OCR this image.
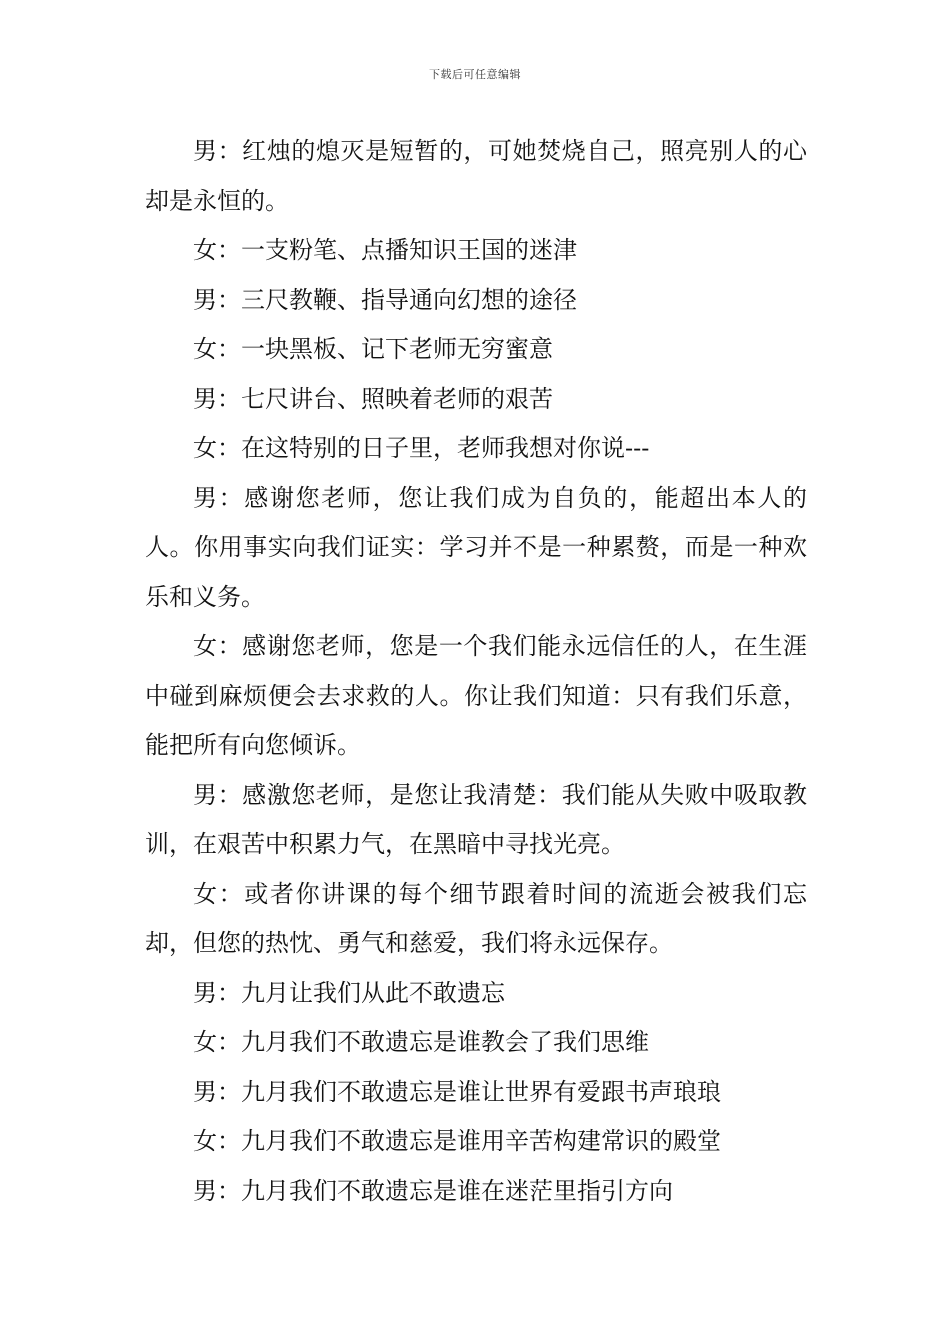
下载后可任意编辑

男：红烛的熄灭是短暂的，可她焚烧自己，照亮别人的心却是永恒的。

女：一支粉笔、点播知识王国的迷津

男：三尺教鞭、指导通向幻想的途径

女：一块黑板、记下老师无穷蜜意

男：七尺讲台、照映着老师的艰苦

女：在这特别的日子里，老师我想对你说---

男：感谢您老师，您让我们成为自负的，能超出本人的人。你用事实向我们证实：学习并不是一种累赘，而是一种欢乐和义务。

女：感谢您老师，您是一个我们能永远信任的人，在生涯中碰到麻烦便会去求救的人。你让我们知道：只有我们乐意，能把所有向您倾诉。

男：感激您老师，是您让我清楚：我们能从失败中吸取教训，在艰苦中积累力气，在黑暗中寻找光亮。

女：或者你讲课的每个细节跟着时间的流逝会被我们忘却，但您的热忱、勇气和慈爱，我们将永远保存。

男：九月让我们从此不敢遗忘

女：九月我们不敢遗忘是谁教会了我们思维

男：九月我们不敢遗忘是谁让世界有爱跟书声琅琅

女：九月我们不敢遗忘是谁用辛苦构建常识的殿堂

男：九月我们不敢遗忘是谁在迷茫里指引方向
